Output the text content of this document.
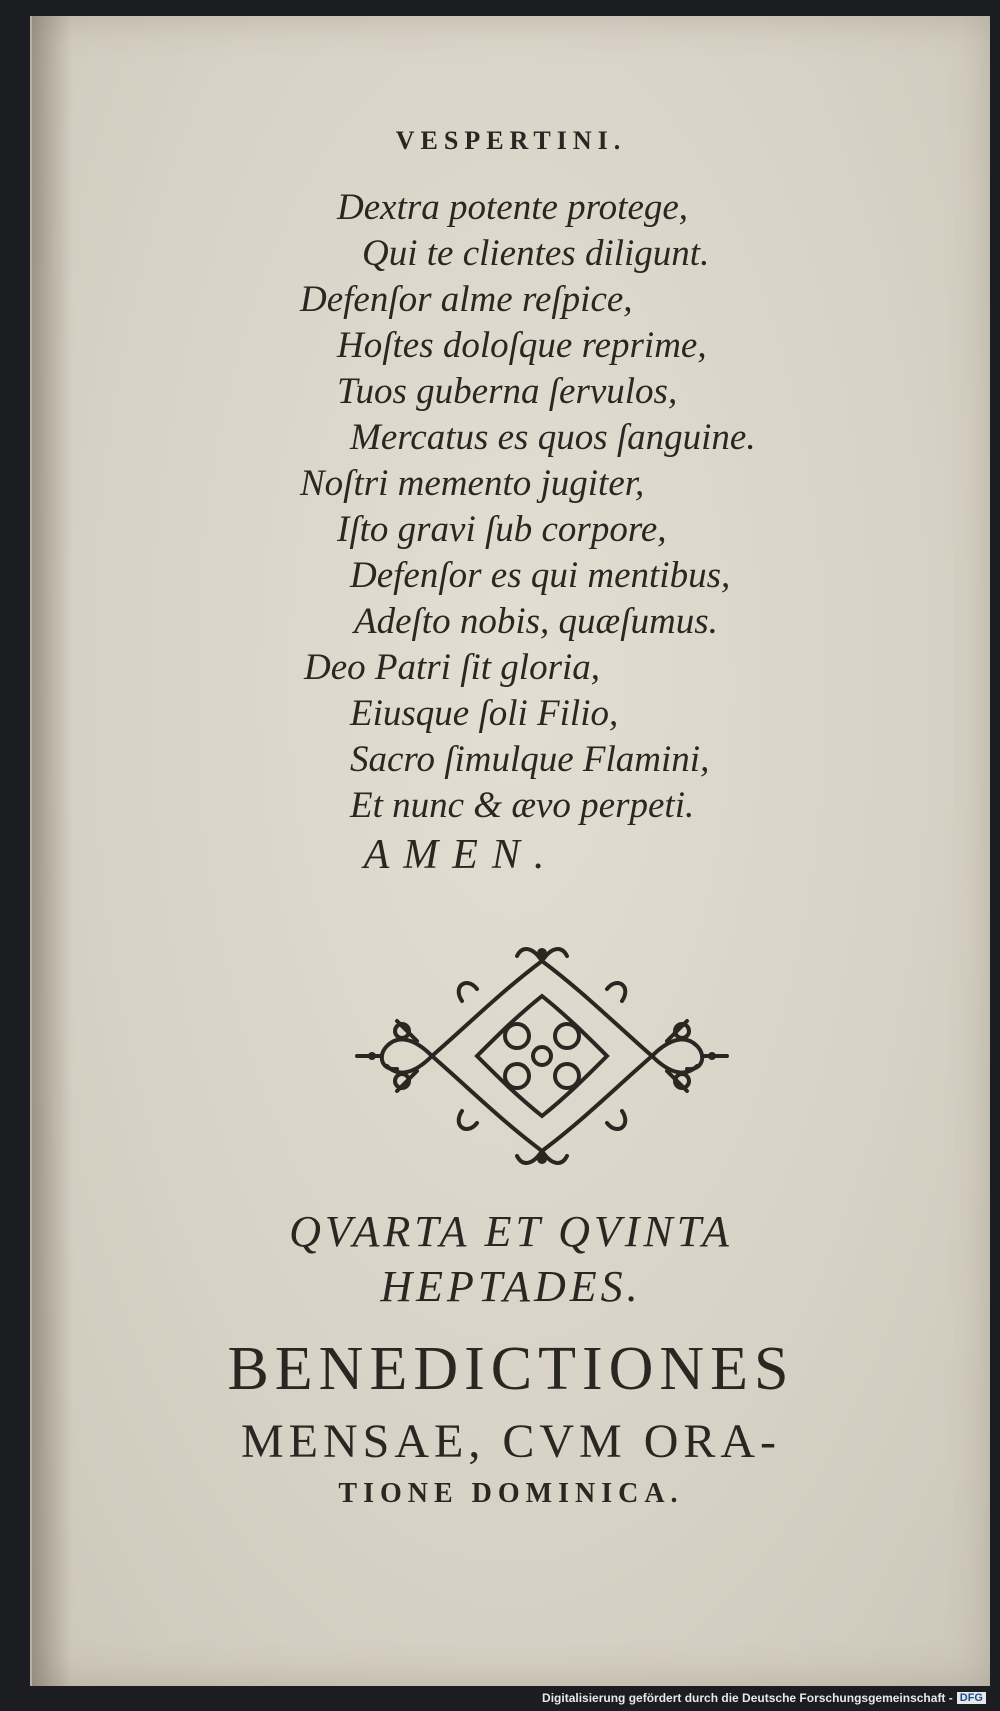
VESPERTINI.
Dextra potente protege,
Qui te clientes diligunt.
Defenſor alme reſpice,
Hoſtes doloſque reprime,
Tuos guberna ſervulos,
Mercatus es quos ſanguine.
Noſtri memento jugiter,
Iſto gravi ſub corpore,
Defenſor es qui mentibus,
Adeſto nobis, quæſumus.
Deo Patri ſit gloria,
Eiusque ſoli Filio,
Sacro ſimulque Flamini,
Et nunc & ævo perpeti.
AMEN.
QVARTA ET QVINTA
HEPTADES.
BENEDICTIONES
MENSAE, CVM ORA-
TIONE DOMINICA.
Digitalisierung gefördert durch die Deutsche Forschungsgemeinschaft - DFG
